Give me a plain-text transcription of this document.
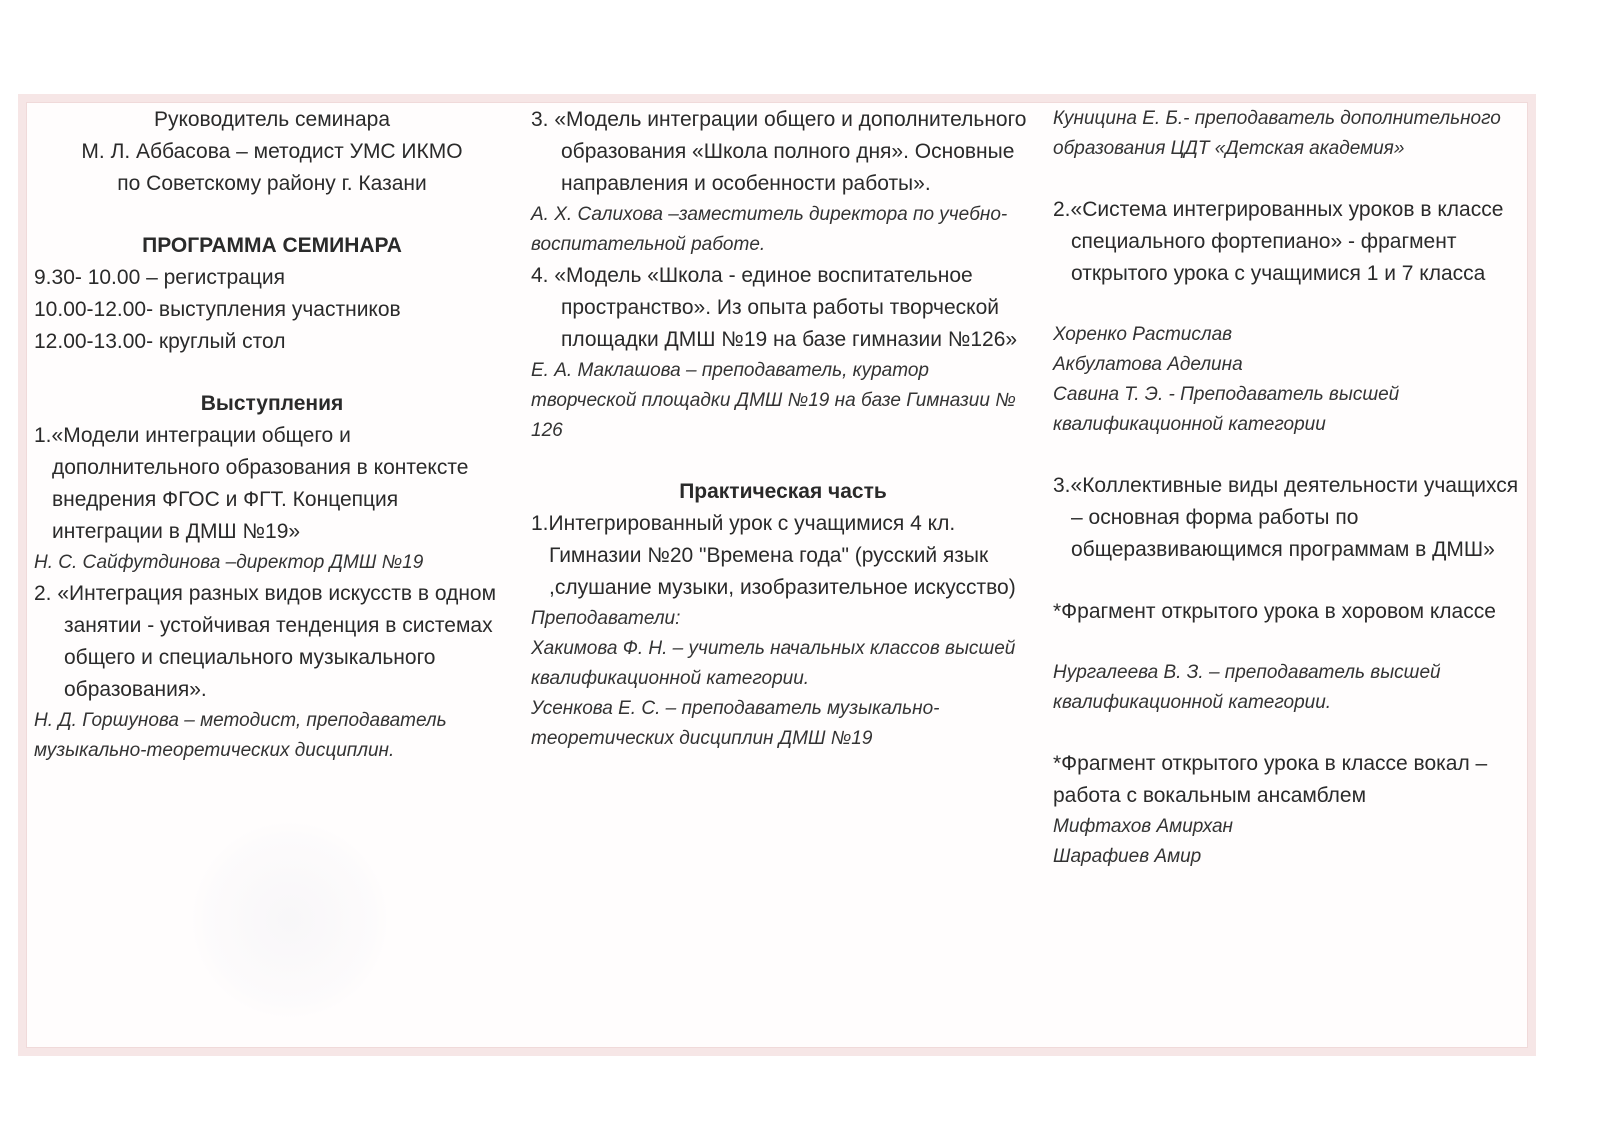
Руководитель семинара

М. Л. Аббасова – методист УМС ИКМО

по Советскому району г. Казани

ПРОГРАММА СЕМИНАРА

9.30- 10.00 – регистрация

10.00-12.00- выступления участников

12.00-13.00- круглый стол

Выступления

1.«Модели интеграции общего и дополнительного образования в контексте внедрения ФГОС и ФГТ. Концепция интеграции в ДМШ №19»

Н. С. Сайфутдинова –директор ДМШ №19

2. «Интеграция разных видов искусств в одном занятии - устойчивая тенденция в системах общего и специального музыкального образования».

Н. Д. Горшунова – методист, преподаватель музыкально-теоретических дисциплин.

3. «Модель интеграции общего и дополнительного образования «Школа полного дня». Основные направления и особенности работы».

А. Х. Салихова –заместитель директора по учебно-воспитательной работе.

4. «Модель «Школа - единое воспитательное пространство». Из опыта работы творческой площадки ДМШ №19 на базе гимназии №126»

Е. А. Маклашова – преподаватель, куратор творческой площадки ДМШ №19 на базе Гимназии № 126

Практическая часть

1.Интегрированный урок с учащимися 4 кл. Гимназии №20 "Времена года" (русский язык ,слушание музыки, изобразительное искусство)

Преподаватели:

Хакимова Ф. Н. – учитель начальных классов высшей квалификационной категории.

Усенкова Е. С. – преподаватель музыкально-теоретических дисциплин ДМШ №19

Куницина Е. Б.- преподаватель дополнительного образования ЦДТ «Детская академия»

2.«Система интегрированных уроков в классе специального фортепиано» - фрагмент открытого урока с учащимися 1 и 7 класса

Хоренко Растислав

Акбулатова Аделина

Савина Т. Э. - Преподаватель высшей квалификационной категории

3.«Коллективные виды деятельности учащихся – основная форма работы по общеразвивающимся программам в ДМШ»

*Фрагмент открытого урока в хоровом классе

Нургалеева В. З. – преподаватель высшей квалификационной категории.

*Фрагмент открытого урока в классе вокал – работа с вокальным ансамблем

Мифтахов Амирхан

Шарафиев Амир
